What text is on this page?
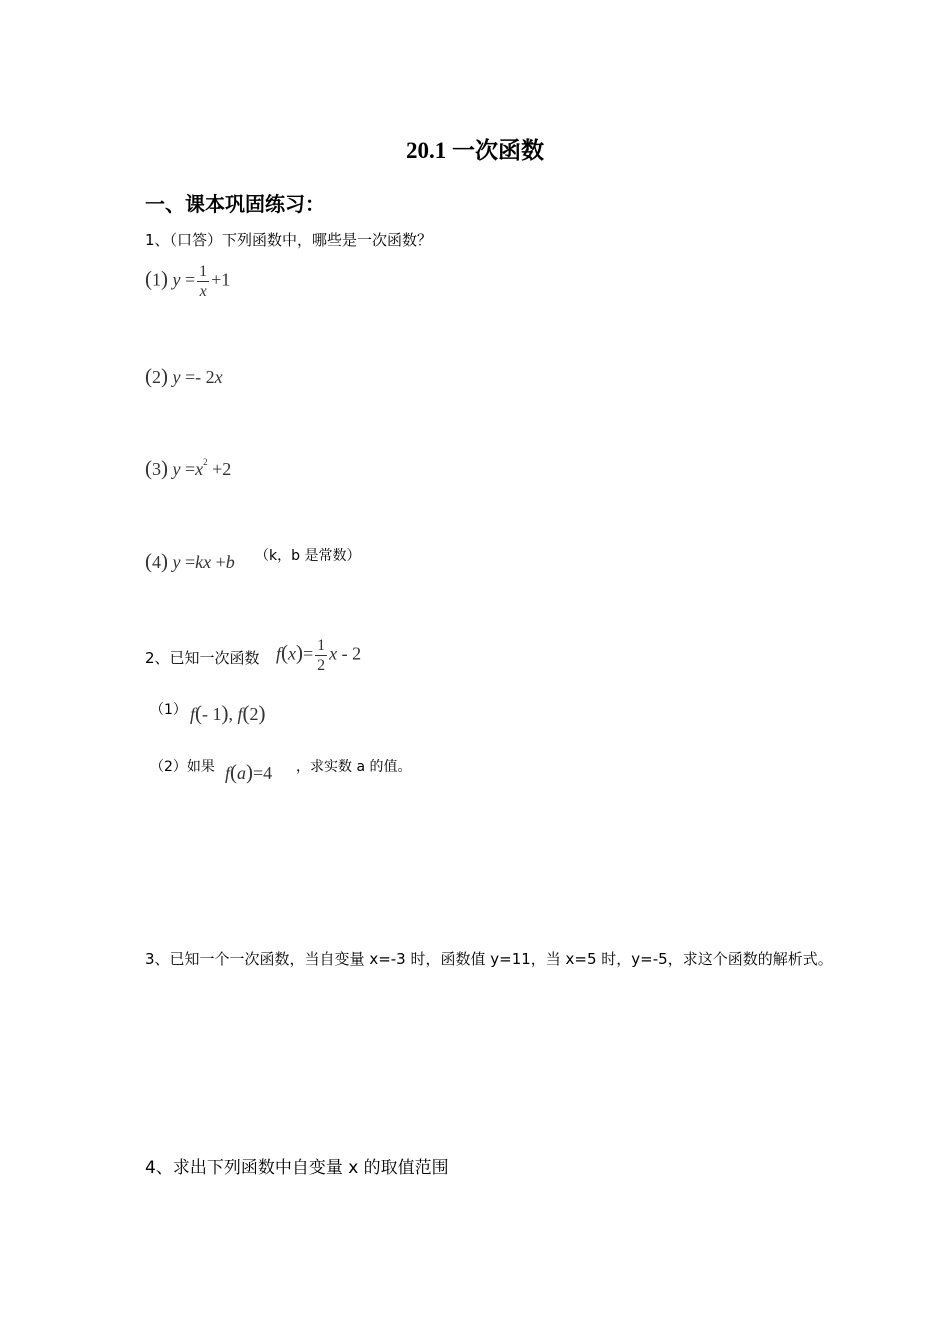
20.1 一次函数
一、课本巩固练习：
1、（口答）下列函数中，哪些是一次函数？
(1) $y = \frac{1}{x} +1$
(2) y =- 2x
(3) $y =x^2 +2$
(4) y =kx +b （k，b 是常数）
2、已知一次函数 $f(x)= \frac{1}{2}$ x - 2
（1） f(- 1), f(2)
（2）如果 f(a)=4 ，求实数 a 的值。
3、已知一个一次函数，当自变量 x=-3 时，函数值 y=11，当 x=5 时，y=-5，求这个函数的解析式。
4、求出下列函数中自变量 x 的取值范围
